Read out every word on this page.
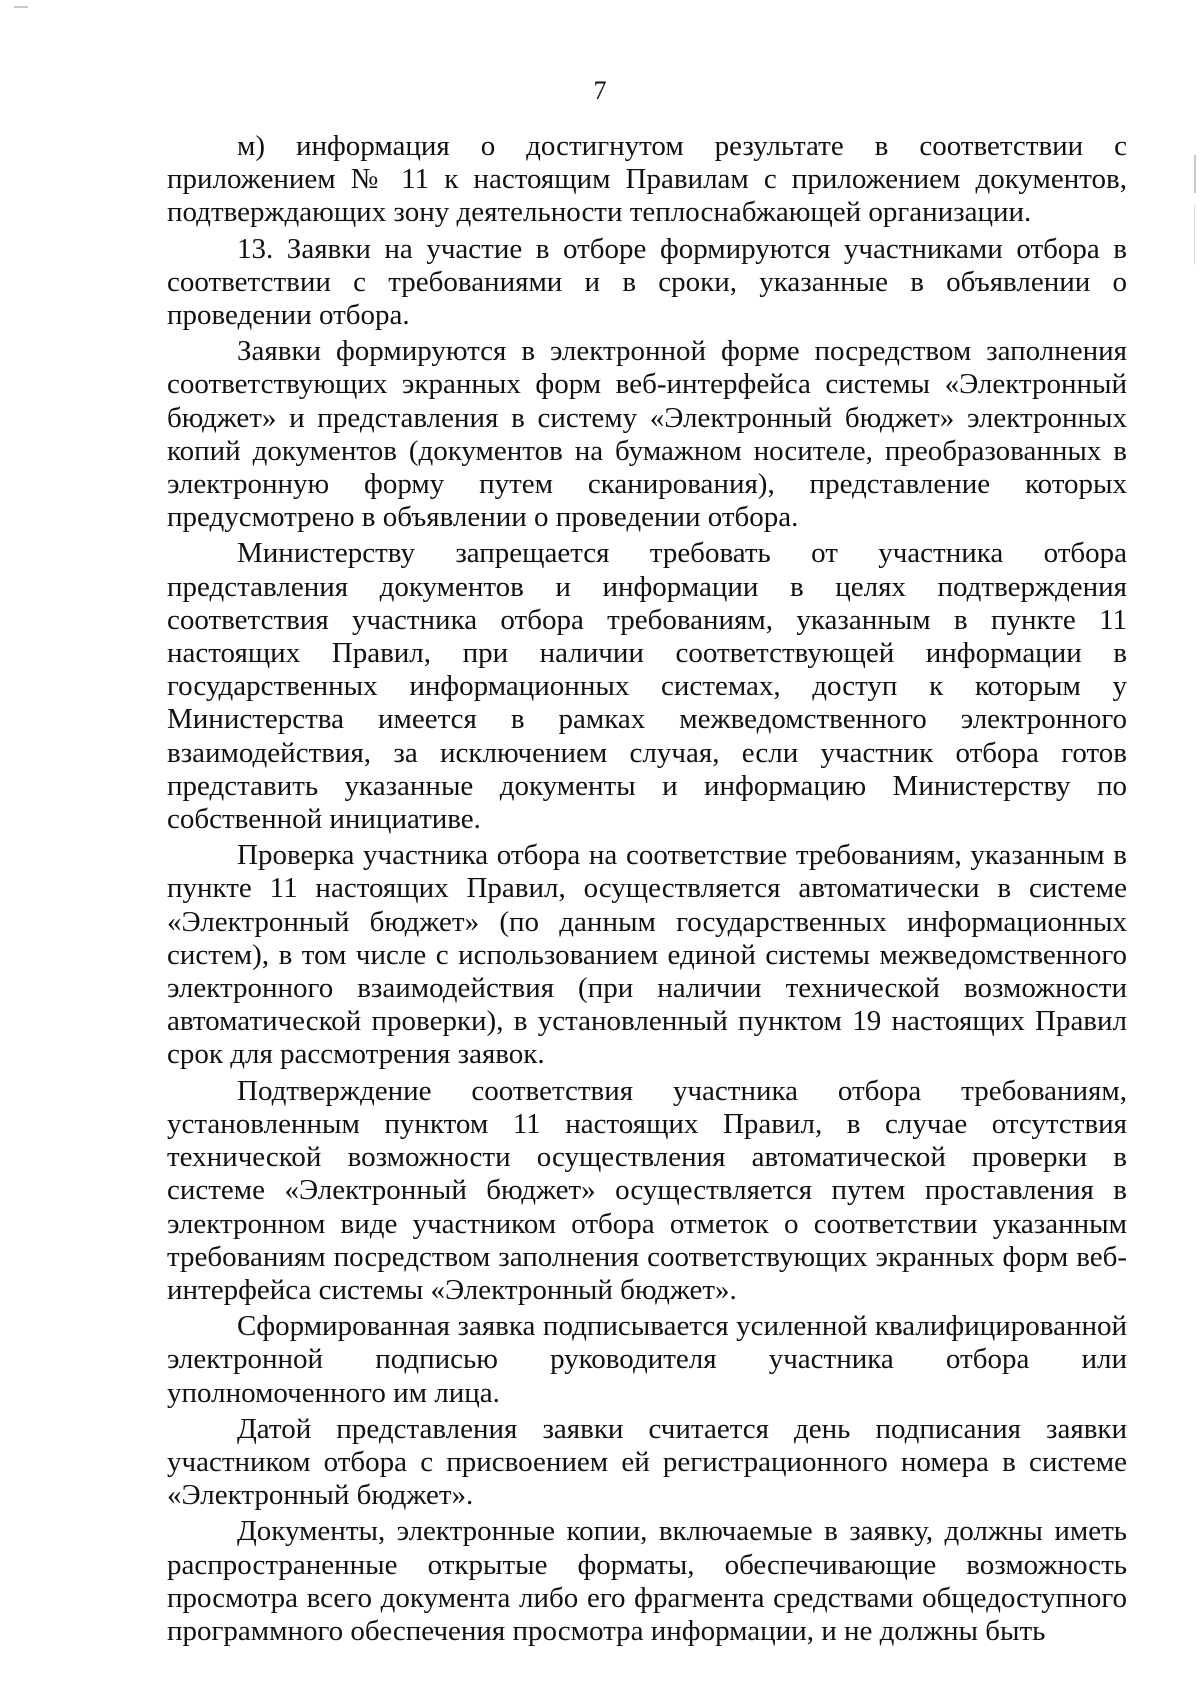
7

м) информация о достигнутом результате в соответствии с приложением № 11 к настоящим Правилам с приложением документов, подтверждающих зону деятельности теплоснабжающей организации.

13. Заявки на участие в отборе формируются участниками отбора в соответствии с требованиями и в сроки, указанные в объявлении о проведении отбора.

Заявки формируются в электронной форме посредством заполнения соответствующих экранных форм веб-интерфейса системы «Электронный бюджет» и представления в систему «Электронный бюджет» электронных копий документов (документов на бумажном носителе, преобразованных в электронную форму путем сканирования), представление которых предусмотрено в объявлении о проведении отбора.

Министерству запрещается требовать от участника отбора представления документов и информации в целях подтверждения соответствия участника отбора требованиям, указанным в пункте 11 настоящих Правил, при наличии соответствующей информации в государственных информационных системах, доступ к которым у Министерства имеется в рамках межведомственного электронного взаимодействия, за исключением случая, если участник отбора готов представить указанные документы и информацию Министерству по собственной инициативе.

Проверка участника отбора на соответствие требованиям, указанным в пункте 11 настоящих Правил, осуществляется автоматически в системе «Электронный бюджет» (по данным государственных информационных систем), в том числе с использованием единой системы межведомственного электронного взаимодействия (при наличии технической возможности автоматической проверки), в установленный пунктом 19 настоящих Правил срок для рассмотрения заявок.

Подтверждение соответствия участника отбора требованиям, установленным пунктом 11 настоящих Правил, в случае отсутствия технической возможности осуществления автоматической проверки в системе «Электронный бюджет» осуществляется путем проставления в электронном виде участником отбора отметок о соответствии указанным требованиям посредством заполнения соответствующих экранных форм веб-интерфейса системы «Электронный бюджет».

Сформированная заявка подписывается усиленной квалифицированной электронной подписью руководителя участника отбора или уполномоченного им лица.

Датой представления заявки считается день подписания заявки участником отбора с присвоением ей регистрационного номера в системе «Электронный бюджет».

Документы, электронные копии, включаемые в заявку, должны иметь распространенные открытые форматы, обеспечивающие возможность просмотра всего документа либо его фрагмента средствами общедоступного программного обеспечения просмотра информации, и не должны быть
